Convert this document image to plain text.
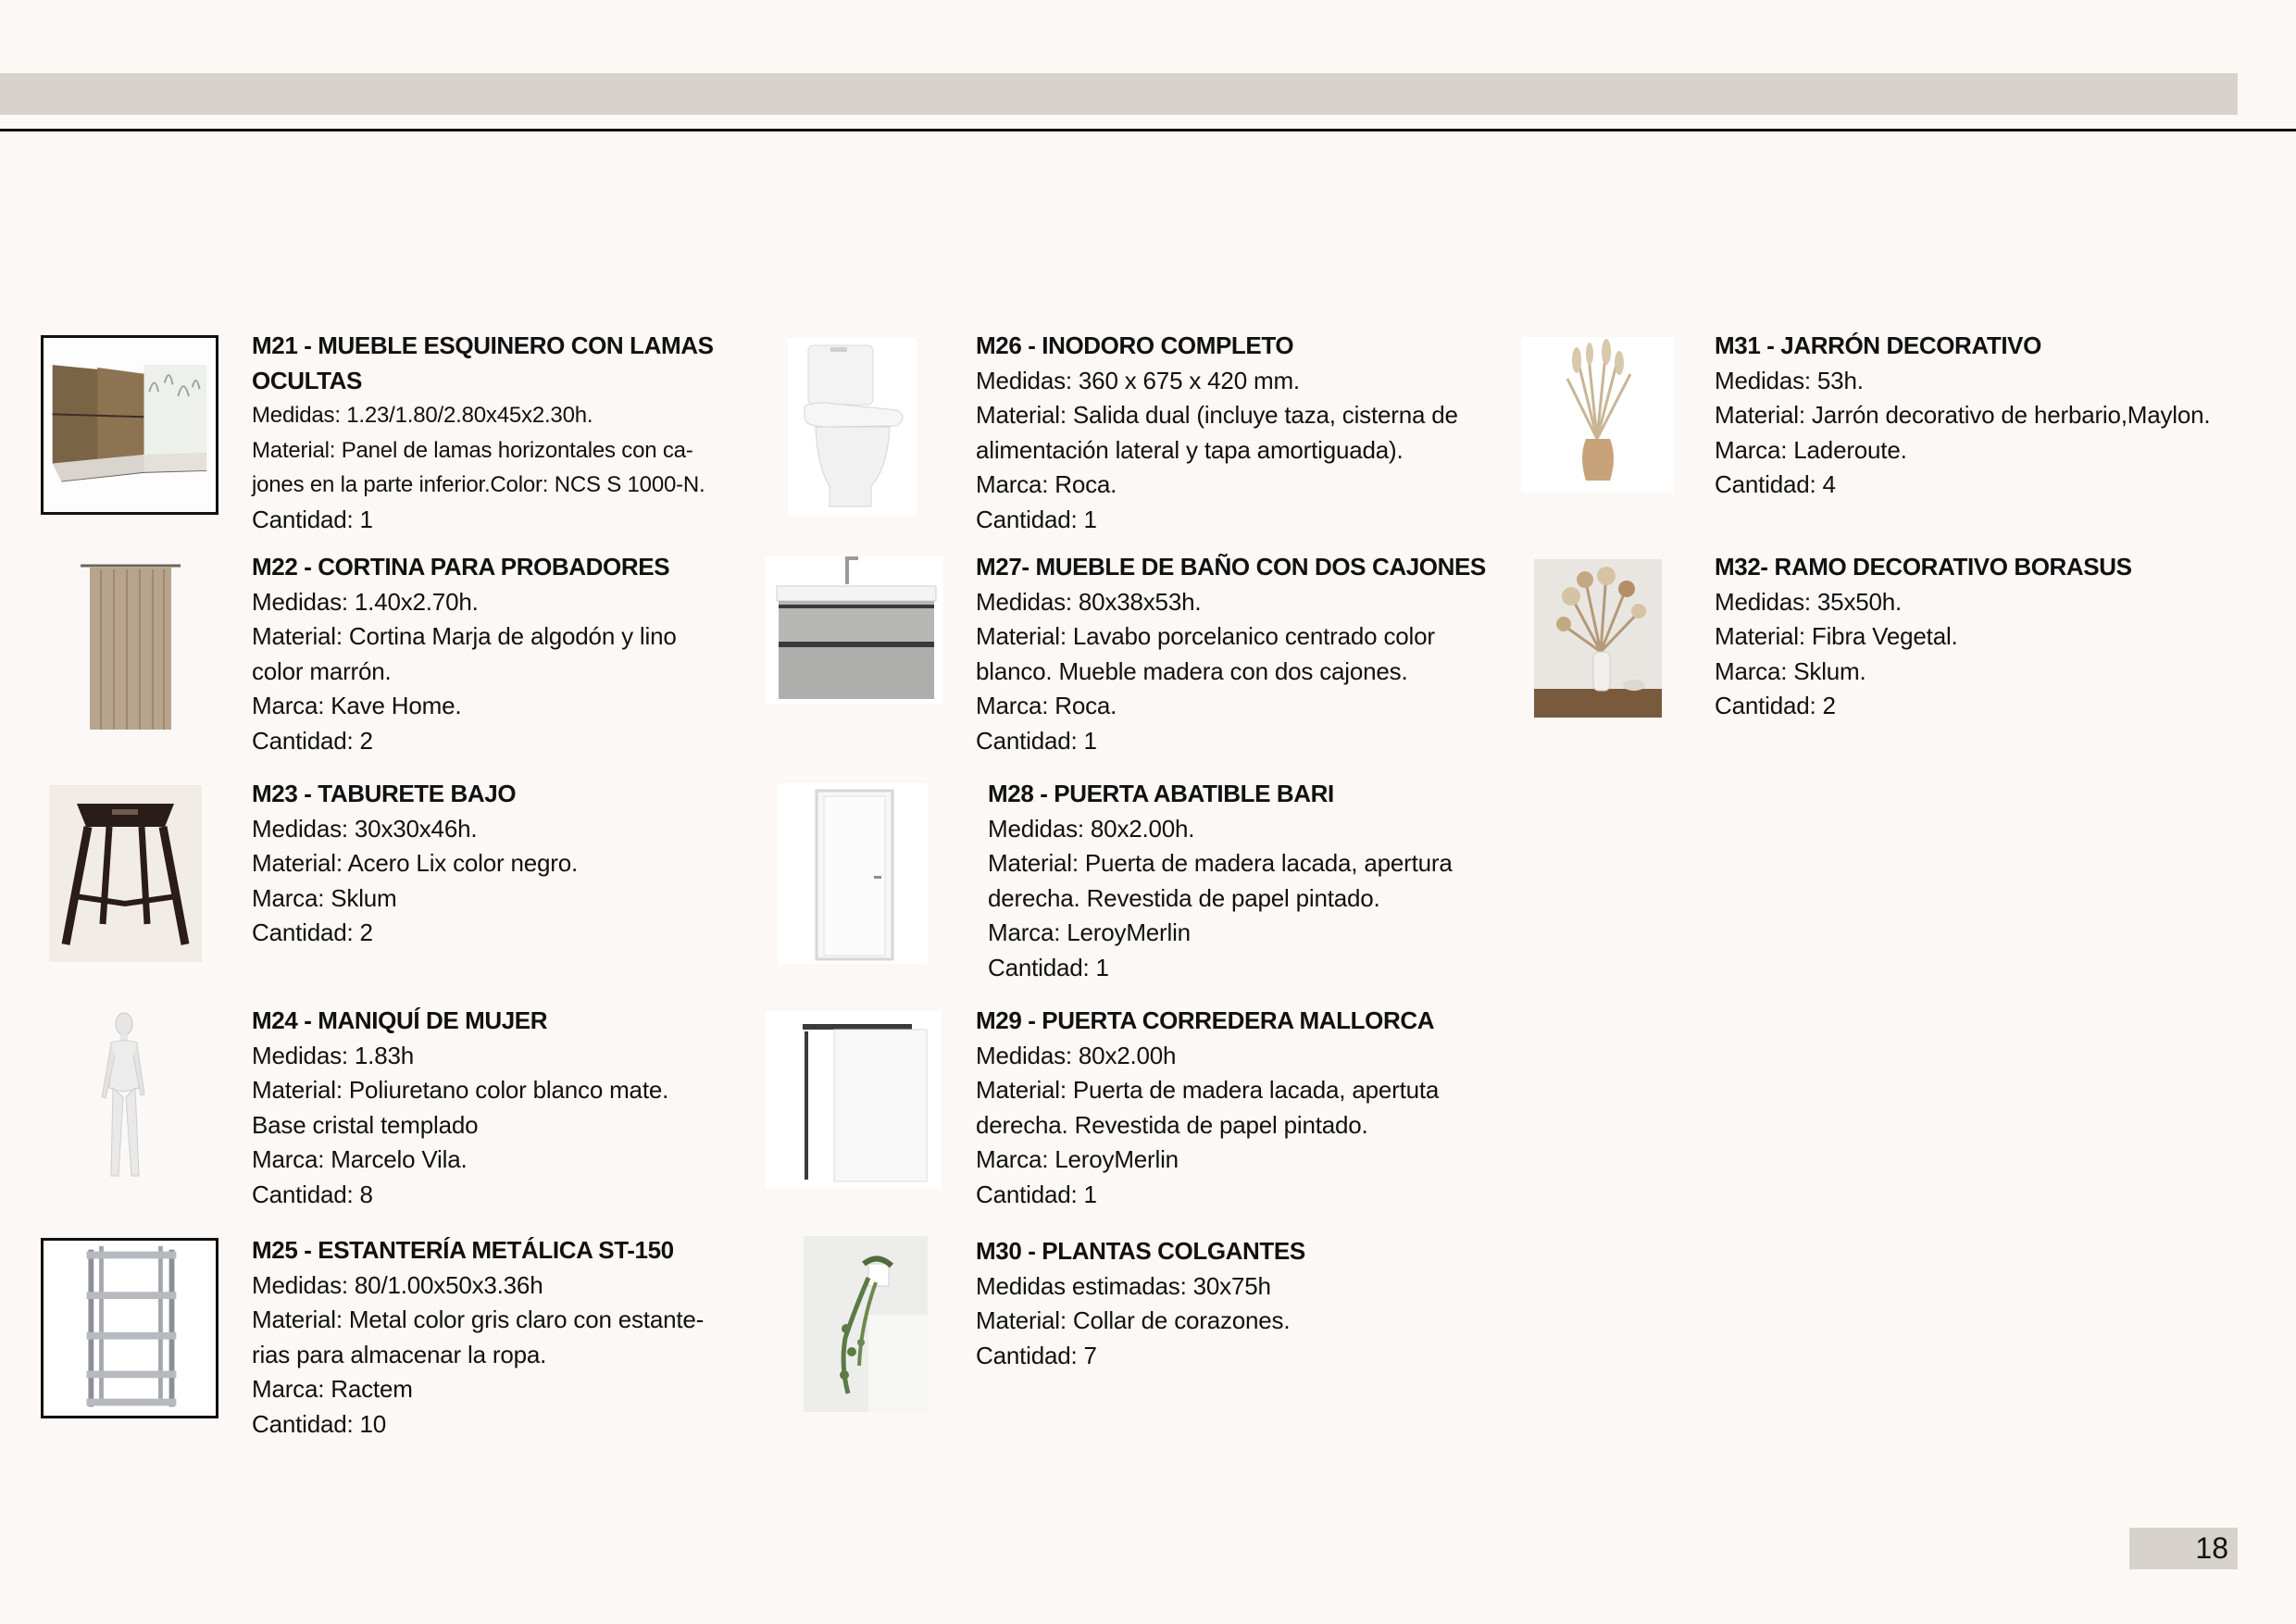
M21 - MUEBLE ESQUINERO CON LAMAS OCULTAS
Medidas: 1.23/1.80/2.80x45x2.30h.
Material: Panel de lamas horizontales con ca-
jones en la parte inferior.Color: NCS S 1000-N.
Cantidad: 1
M22 - CORTINA PARA PROBADORES
Medidas: 1.40x2.70h.
Material: Cortina Marja de algodón y lino
color marrón.
Marca: Kave Home.
Cantidad: 2
M23 - TABURETE BAJO
Medidas: 30x30x46h.
Material: Acero Lix color negro.
Marca: Sklum
Cantidad: 2
M24 - MANIQUÍ DE MUJER
Medidas: 1.83h
Material: Poliuretano color blanco mate.
Base cristal templado
Marca: Marcelo Vila.
Cantidad: 8
M25 - ESTANTERÍA METÁLICA ST-150
Medidas: 80/1.00x50x3.36h
Material: Metal color gris claro con estante-
rias para almacenar la ropa.
Marca: Ractem
Cantidad: 10
M26 - INODORO COMPLETO
Medidas: 360 x 675 x 420 mm.
Material: Salida dual (incluye taza, cisterna de
alimentación lateral y tapa amortiguada).
Marca: Roca.
Cantidad: 1
M27- MUEBLE DE BAÑO CON DOS CAJONES
Medidas: 80x38x53h.
Material: Lavabo porcelanico centrado color
blanco. Mueble madera con dos cajones.
Marca: Roca.
Cantidad: 1
M28 - PUERTA ABATIBLE BARI
Medidas: 80x2.00h.
Material: Puerta de madera lacada, apertura
derecha. Revestida de papel pintado.
Marca: LeroyMerlin
Cantidad: 1
M29 - PUERTA CORREDERA MALLORCA
Medidas: 80x2.00h
Material: Puerta de madera lacada, apertuta
derecha. Revestida de papel pintado.
Marca: LeroyMerlin
Cantidad: 1
M30 - PLANTAS COLGANTES
Medidas estimadas: 30x75h
Material: Collar de corazones.
Cantidad: 7
M31 - JARRÓN DECORATIVO
Medidas: 53h.
Material: Jarrón decorativo de herbario,Maylon.
Marca: Laderoute.
Cantidad: 4
M32- RAMO DECORATIVO BORASUS
Medidas: 35x50h.
Material: Fibra Vegetal.
Marca: Sklum.
Cantidad: 2
18
